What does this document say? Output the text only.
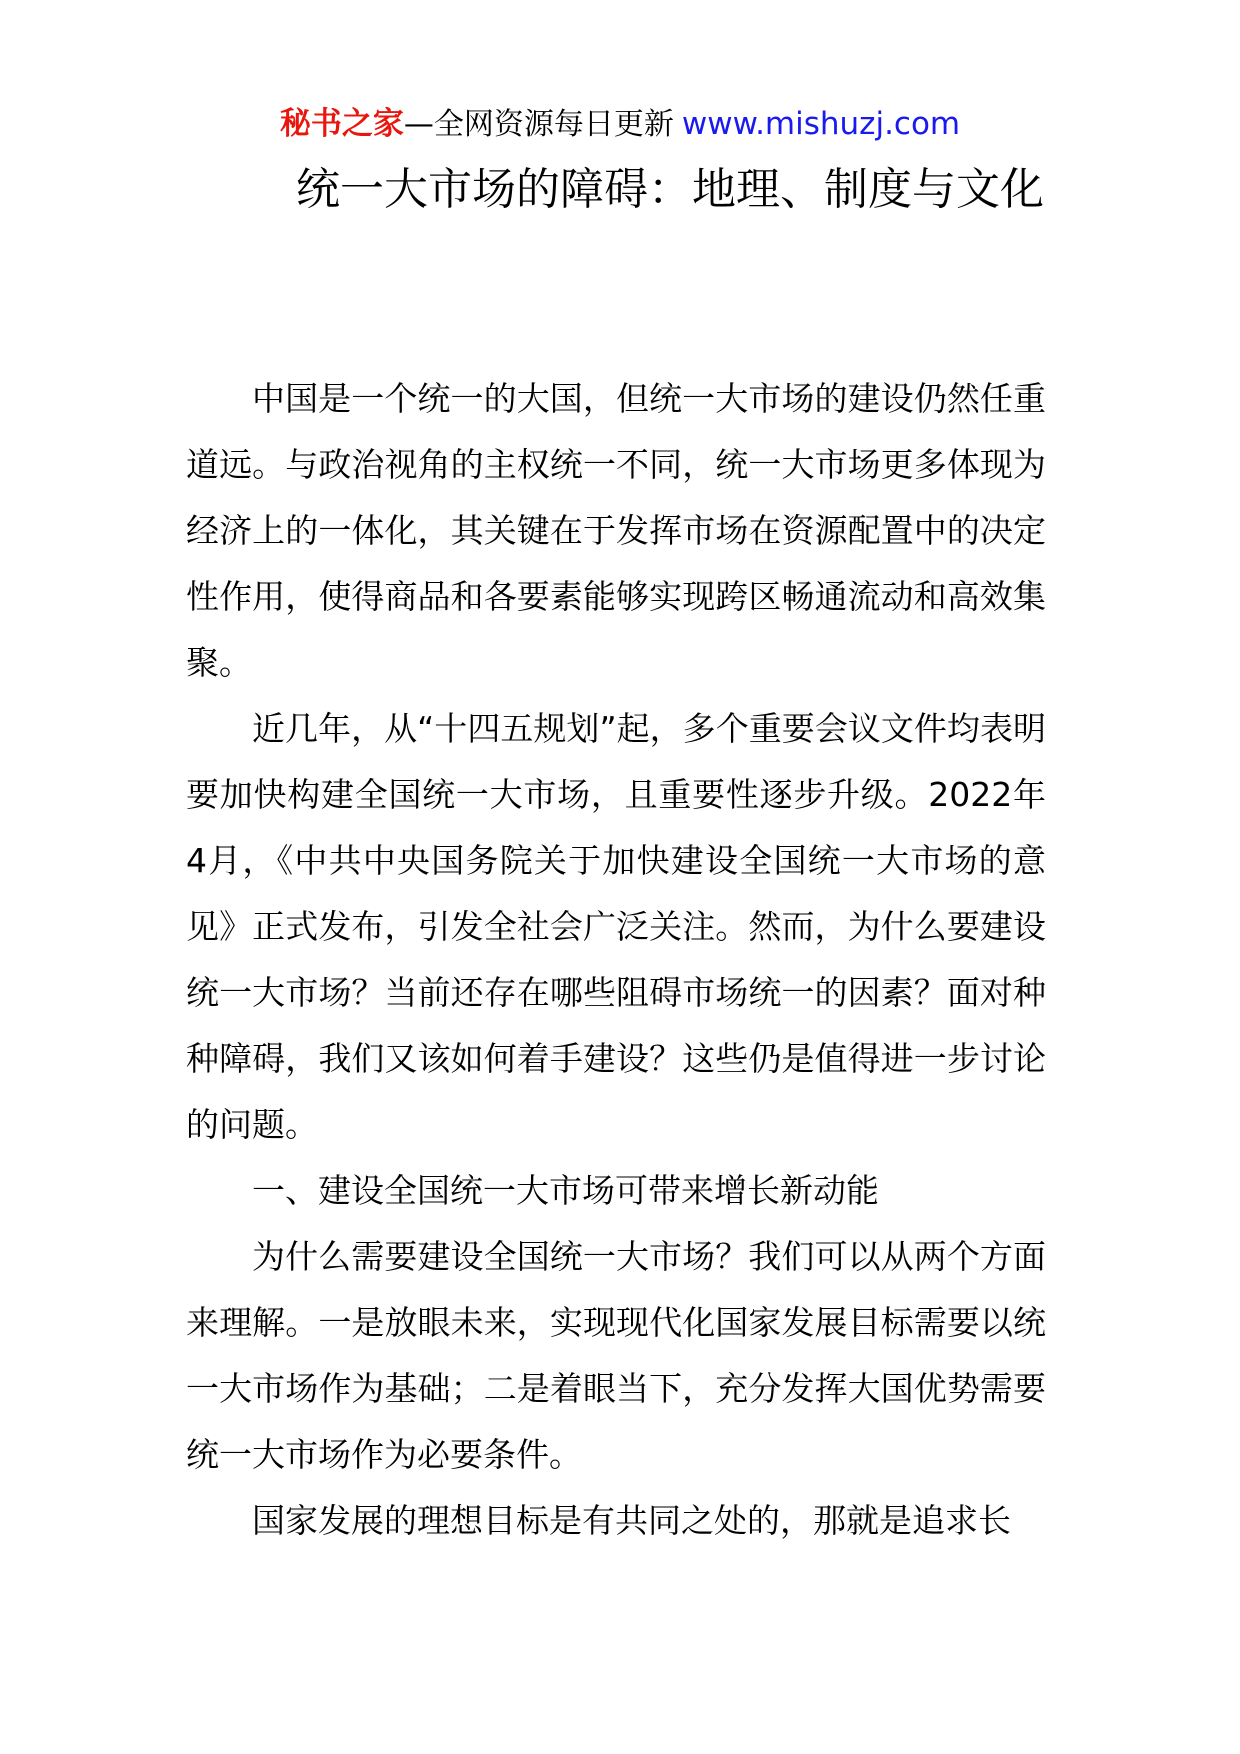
秘书之家—全网资源每日更新 www.mishuzj.com
统一大市场的障碍：地理、制度与文化

中国是一个统一的大国，但统一大市场的建设仍然任重道远。与政治视角的主权统一不同，统一大市场更多体现为经济上的一体化，其关键在于发挥市场在资源配置中的决定性作用，使得商品和各要素能够实现跨区畅通流动和高效集聚。

近几年，从“十四五规划”起，多个重要会议文件均表明要加快构建全国统一大市场，且重要性逐步升级。2022年4月，《中共中央国务院关于加快建设全国统一大市场的意见》正式发布，引发全社会广泛关注。然而，为什么要建设统一大市场？当前还存在哪些阻碍市场统一的因素？面对种种障碍，我们又该如何着手建设？这些仍是值得进一步讨论的问题。

一、建设全国统一大市场可带来增长新动能

为什么需要建设全国统一大市场？我们可以从两个方面来理解。一是放眼未来，实现现代化国家发展目标需要以统一大市场作为基础；二是着眼当下，充分发挥大国优势需要统一大市场作为必要条件。

国家发展的理想目标是有共同之处的，那就是追求长
